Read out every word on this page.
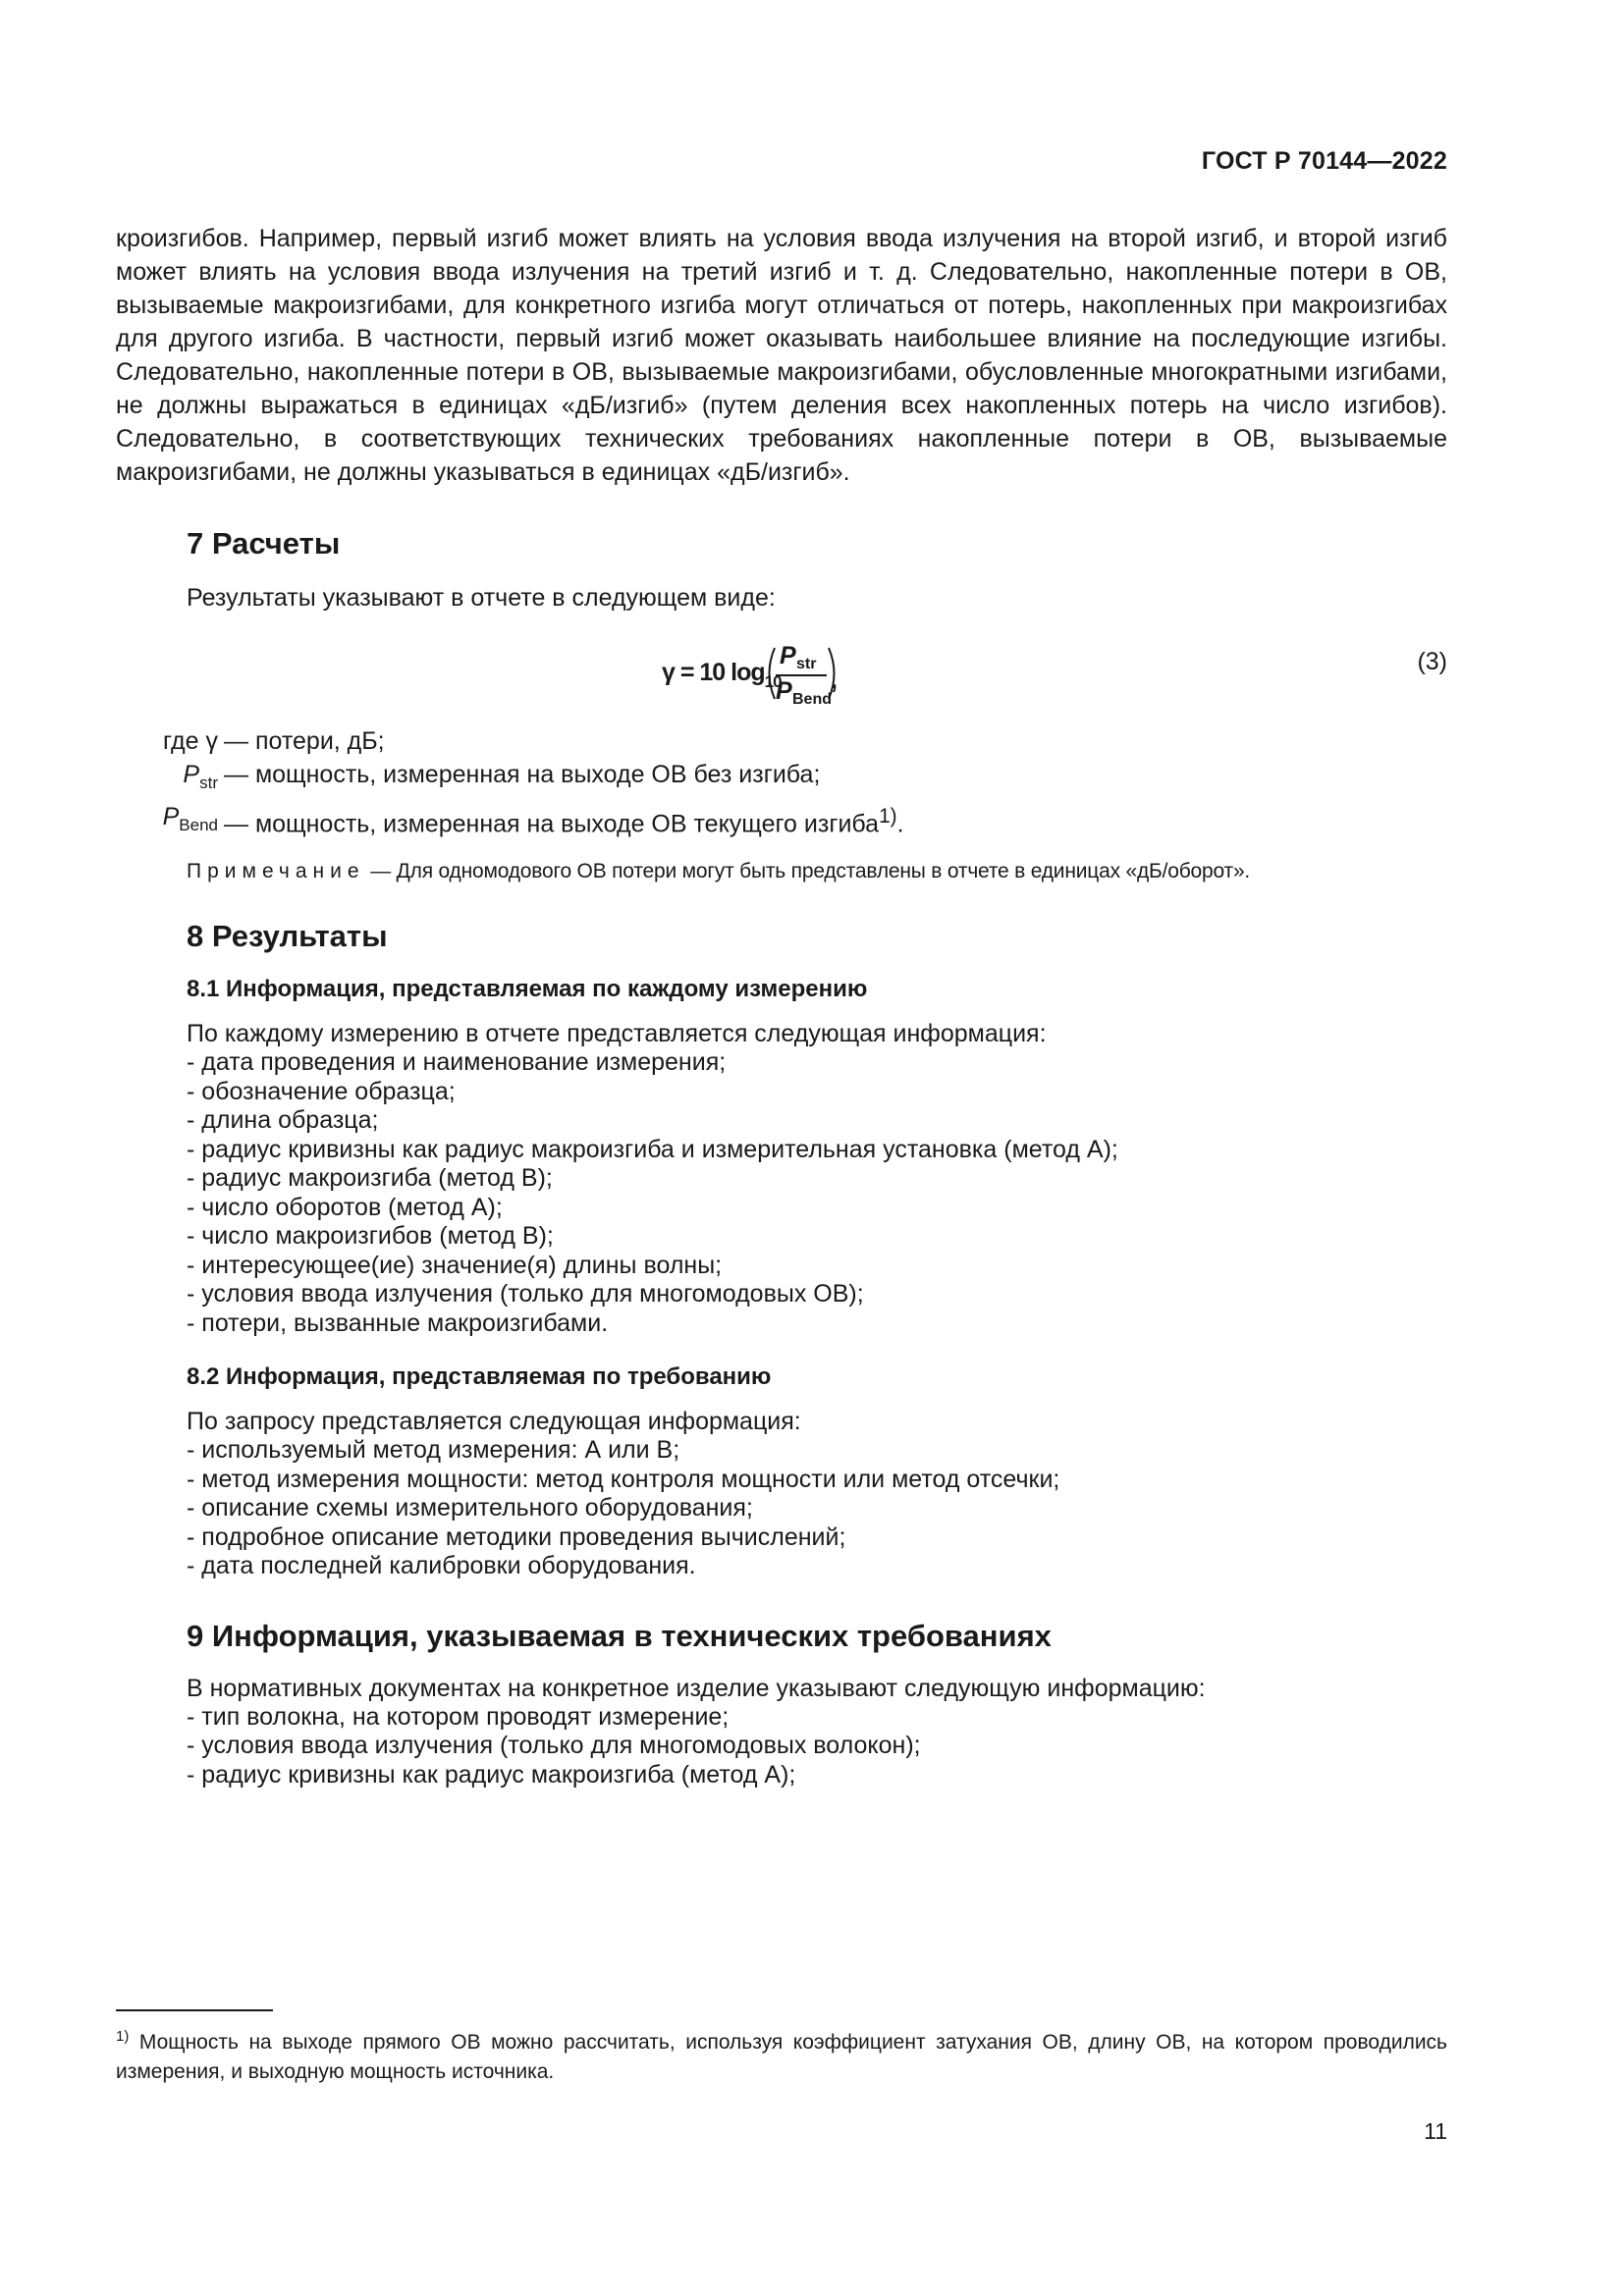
ГОСТ Р 70144—2022

кроизгибов. Например, первый изгиб может влиять на условия ввода излучения на второй изгиб, и второй изгиб может влиять на условия ввода излучения на третий изгиб и т. д. Следовательно, накопленные потери в ОВ, вызываемые макроизгибами, для конкретного изгиба могут отличаться от потерь, накопленных при макроизгибах для другого изгиба. В частности, первый изгиб может оказывать наибольшее влияние на последующие изгибы. Следовательно, накопленные потери в ОВ, вызываемые макроизгибами, обусловленные многократными изгибами, не должны выражаться в единицах «дБ/изгиб» (путем деления всех накопленных потерь на число изгибов). Следовательно, в соответствующих технических требованиях накопленные потери в ОВ, вызываемые макроизгибами, не должны указываться в единицах «дБ/изгиб».

7 Расчеты

Результаты указывают в отчете в следующем виде:

γ = 10 $\log_{10}$
P str
P Bend
,
(3)
где γ — потери, дБ;
$P_{str}$ — мощность, измеренная на выходе ОВ без изгиба;
$P_{Bend}$ — мощность, измеренная на выходе ОВ текущего изгиба$^{1)}$.
Примечание — Для одномодового ОВ потери могут быть представлены в отчете в единицах «дБ/оборот».
8 Результаты
8.1 Информация, представляемая по каждому измерению

По каждому измерению в отчете представляется следующая информация:

- дата проведения и наименование измерения;
- обозначение образца;
- длина образца;
- радиус кривизны как радиус макроизгиба и измерительная установка (метод А);
- радиус макроизгиба (метод В);
- число оборотов (метод А);
- число макроизгибов (метод В);
- интересующее(ие) значение(я) длины волны;
- условия ввода излучения (только для многомодовых ОВ);
- потери, вызванные макроизгибами.
8.2 Информация, представляемая по требованию

По запросу представляется следующая информация:

- используемый метод измерения: А или В;
- метод измерения мощности: метод контроля мощности или метод отсечки;
- описание схемы измерительного оборудования;
- подробное описание методики проведения вычислений;
- дата последней калибровки оборудования.
9 Информация, указываемая в технических требованиях

В нормативных документах на конкретное изделие указывают следующую информацию:

- тип волокна, на котором проводят измерение;
- условия ввода излучения (только для многомодовых волокон);
- радиус кривизны как радиус макроизгиба (метод А);
$^{1)}$ Мощность на выходе прямого ОВ можно рассчитать, используя коэффициент затухания ОВ, длину ОВ, на котором проводились измерения, и выходную мощность источника.
11
